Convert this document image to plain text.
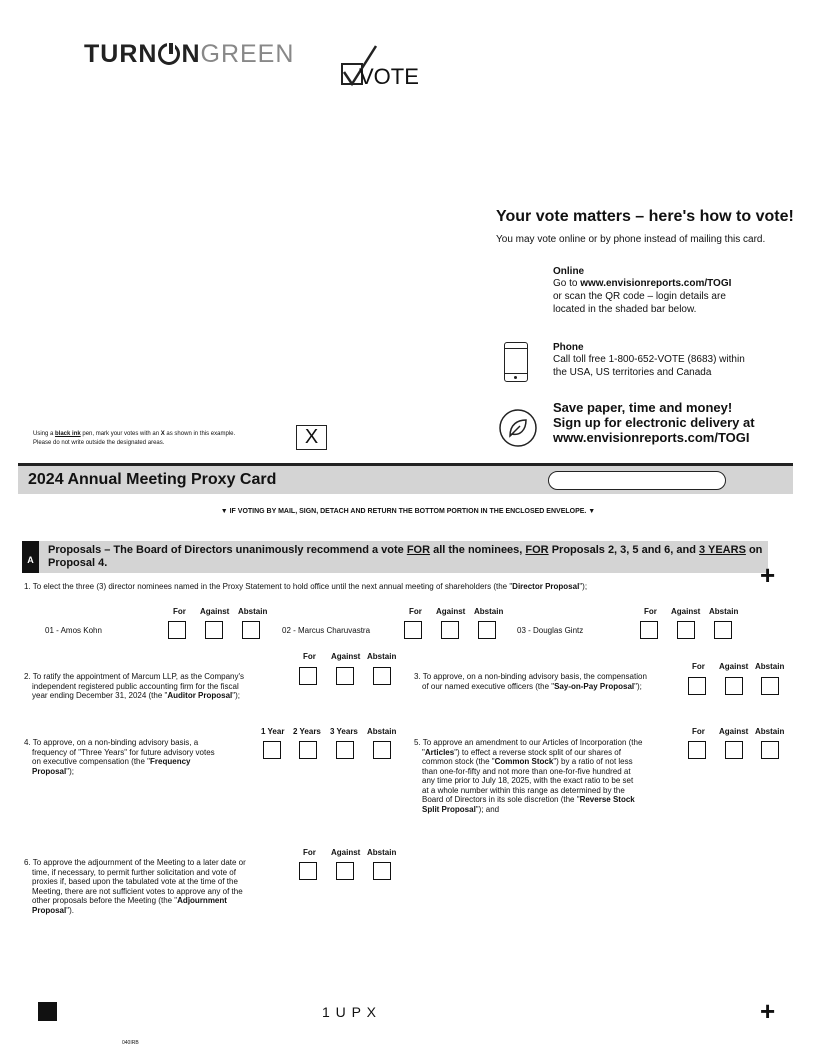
TURN NGREEN
VOTE
Your vote matters – here's how to vote!
You may vote online or by phone instead of mailing this card.
Online
Go to www.envisionreports.com/TOGI
or scan the QR code – login details are
located in the shaded bar below.
Phone
Call toll free 1-800-652-VOTE (8683) within
the USA, US territories and Canada
Save paper, time and money!
Sign up for electronic delivery at
www.envisionreports.com/TOGI
Using a black ink pen, mark your votes with an X as shown in this example.
Please do not write outside the designated areas.	X
2024 Annual Meeting Proxy Card
▼ IF VOTING BY MAIL, SIGN, DETACH AND RETURN THE BOTTOM PORTION IN THE ENCLOSED ENVELOPE. ▼
A
Proposals – The Board of Directors unanimously recommend a vote FOR all the nominees, FOR Proposals 2, 3, 5 and 6, and 3 YEARS on
Proposal 4.	+
1. To elect the three (3) director nominees named in the Proxy Statement to hold office until the next annual meeting of shareholders (the "Director Proposal");
For Against Abstain
01 - Amos Kohn
For Against Abstain
02 - Marcus Charuvastra
For Against Abstain
03 - Douglas Gintz
2. To ratify the appointment of Marcum LLP, as the Company's
independent registered public accounting firm for the fiscal
year ending December 31, 2024 (the "Auditor Proposal");
For Against Abstain
3. To approve, on a non-binding advisory basis, the compensation
of our named executive officers (the "Say-on-Pay Proposal");
For Against Abstain
4. To approve, on a non-binding advisory basis, a
frequency of "Three Years" for future advisory votes
on executive compensation (the "Frequency
Proposal");
1 Year 2 Years 3 Years Abstain
5. To approve an amendment to our Articles of Incorporation (the
"Articles") to effect a reverse stock split of our shares of
common stock (the "Common Stock") by a ratio of not less
than one-for-fifty and not more than one-for-five hundred at
any time prior to July 18, 2025, with the exact ratio to be set
at a whole number within this range as determined by the
Board of Directors in its sole discretion (the "Reverse Stock
Split Proposal"); and
For Against Abstain
6. To approve the adjournment of the Meeting to a later date or
time, if necessary, to permit further solicitation and vote of
proxies if, based upon the tabulated vote at the time of the
Meeting, there are not sufficient votes to approve any of the
other proposals before the Meeting (the "Adjournment
Proposal").
For Against Abstain
1 U P X	+
040IRB
